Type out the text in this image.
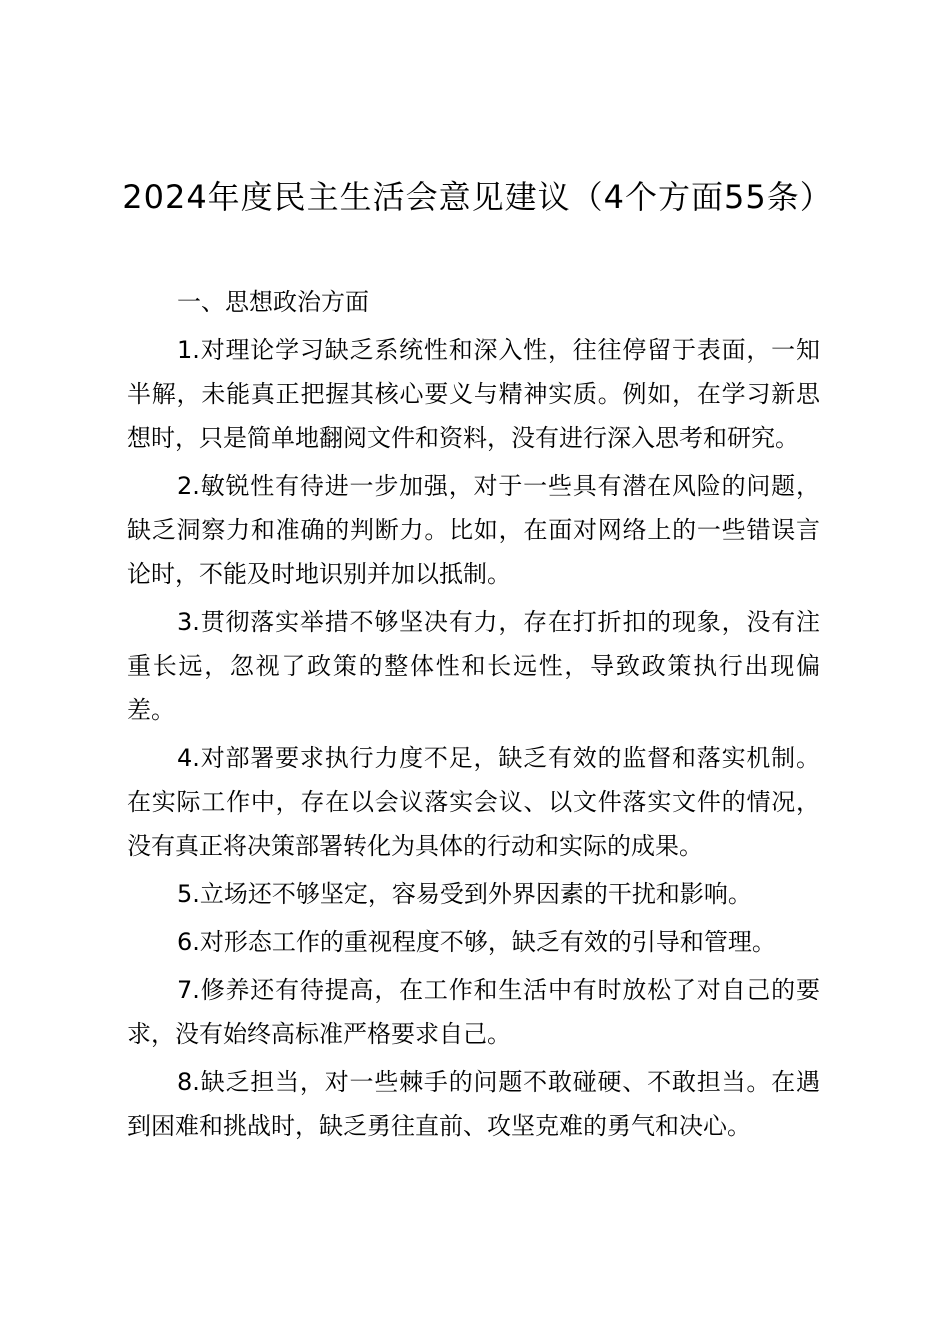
2024年度民主生活会意见建议（4个方面55条）

一、思想政治方面

1.对理论学习缺乏系统性和深入性，往往停留于表面，一知半解，未能真正把握其核心要义与精神实质。例如，在学习新思想时，只是简单地翻阅文件和资料，没有进行深入思考和研究。

2.敏锐性有待进一步加强，对于一些具有潜在风险的问题，缺乏洞察力和准确的判断力。比如，在面对网络上的一些错误言论时，不能及时地识别并加以抵制。

3.贯彻落实举措不够坚决有力，存在打折扣的现象，没有注重长远，忽视了政策的整体性和长远性，导致政策执行出现偏差。

4.对部署要求执行力度不足，缺乏有效的监督和落实机制。在实际工作中，存在以会议落实会议、以文件落实文件的情况，没有真正将决策部署转化为具体的行动和实际的成果。

5.立场还不够坚定，容易受到外界因素的干扰和影响。

6.对形态工作的重视程度不够，缺乏有效的引导和管理。

7.修养还有待提高，在工作和生活中有时放松了对自己的要求，没有始终高标准严格要求自己。

8.缺乏担当，对一些棘手的问题不敢碰硬、不敢担当。在遇到困难和挑战时，缺乏勇往直前、攻坚克难的勇气和决心。
